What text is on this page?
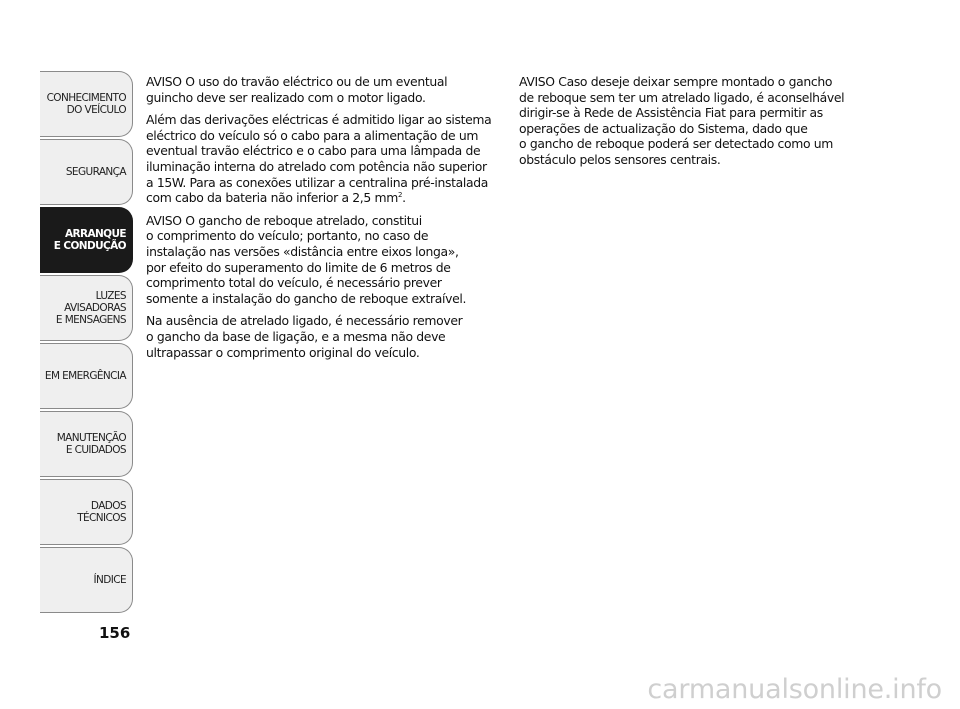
CONHECIMENTO
DO VEÍCULO
SEGURANÇA
ARRANQUE
E CONDUÇÃO
LUZES
AVISADORAS
E MENSAGENS
EM EMERGÊNCIA
MANUTENÇÃO
E CUIDADOS
DADOS
TÉCNICOS
ÍNDICE
156

AVISO O uso do travão eléctrico ou de um eventual
guincho deve ser realizado com o motor ligado.

Além das derivações eléctricas é admitido ligar ao sistema
eléctrico do veículo só o cabo para a alimentação de um
eventual travão eléctrico e o cabo para uma lâmpada de
iluminação interna do atrelado com potência não superior
a 15W. Para as conexões utilizar a centralina pré-instalada
com cabo da bateria não inferior a 2,5 $mm^2$.

AVISO O gancho de reboque atrelado, constitui
o comprimento do veículo; portanto, no caso de
instalação nas versões «distância entre eixos longa»,
por efeito do superamento do limite de 6 metros de
comprimento total do veículo, é necessário prever
somente a instalação do gancho de reboque extraível.

Na ausência de atrelado ligado, é necessário remover
o gancho da base de ligação, e a mesma não deve
ultrapassar o comprimento original do veículo.

AVISO Caso deseje deixar sempre montado o gancho
de reboque sem ter um atrelado ligado, é aconselhável
dirigir-se à Rede de Assistência Fiat para permitir as
operações de actualização do Sistema, dado que
o gancho de reboque poderá ser detectado como um
obstáculo pelos sensores centrais.

carmanualsonline.info
